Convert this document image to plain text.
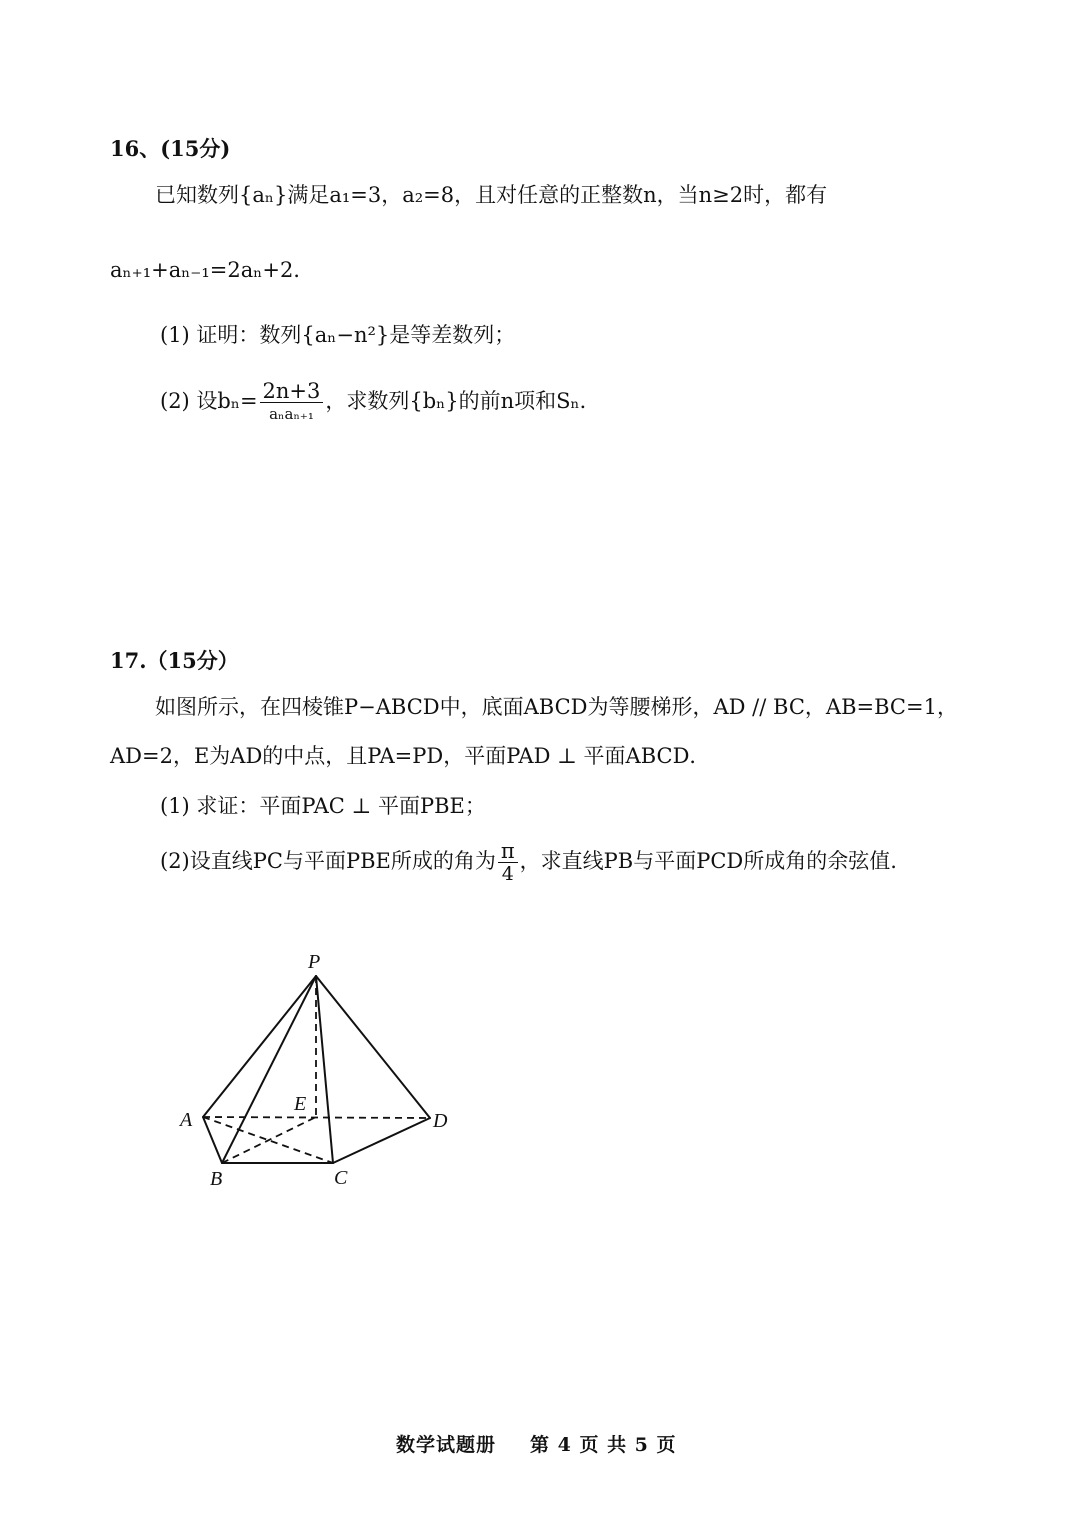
16、(15分)
已知数列{aₙ}满足a₁=3，a₂=8，且对任意的正整数n，当n≥2时，都有
aₙ₊₁+aₙ₋₁=2aₙ+2．
(1) 证明：数列{aₙ−n²}是等差数列；
(2) 设$b_n= \frac{2n+3}{\text{aₙaₙ₊₁}}$ ，求数列{bₙ}的前n项和Sₙ．
17.（15分）
如图所示，在四棱锥P−ABCD中，底面ABCD为等腰梯形，AD // BC，AB=BC=1，
AD=2，E为AD的中点，且PA=PD，平面PAD ⊥ 平面ABCD．
(1) 求证：平面PAC ⊥ 平面PBE；
(2)设直线PC与平面PBE所成的角为 $\frac{\pi}{4}$ ，求直线PB与平面PCD所成角的余弦值.
P
A
B	C
D
E
数学试题册 第 4 页 共 5 页
